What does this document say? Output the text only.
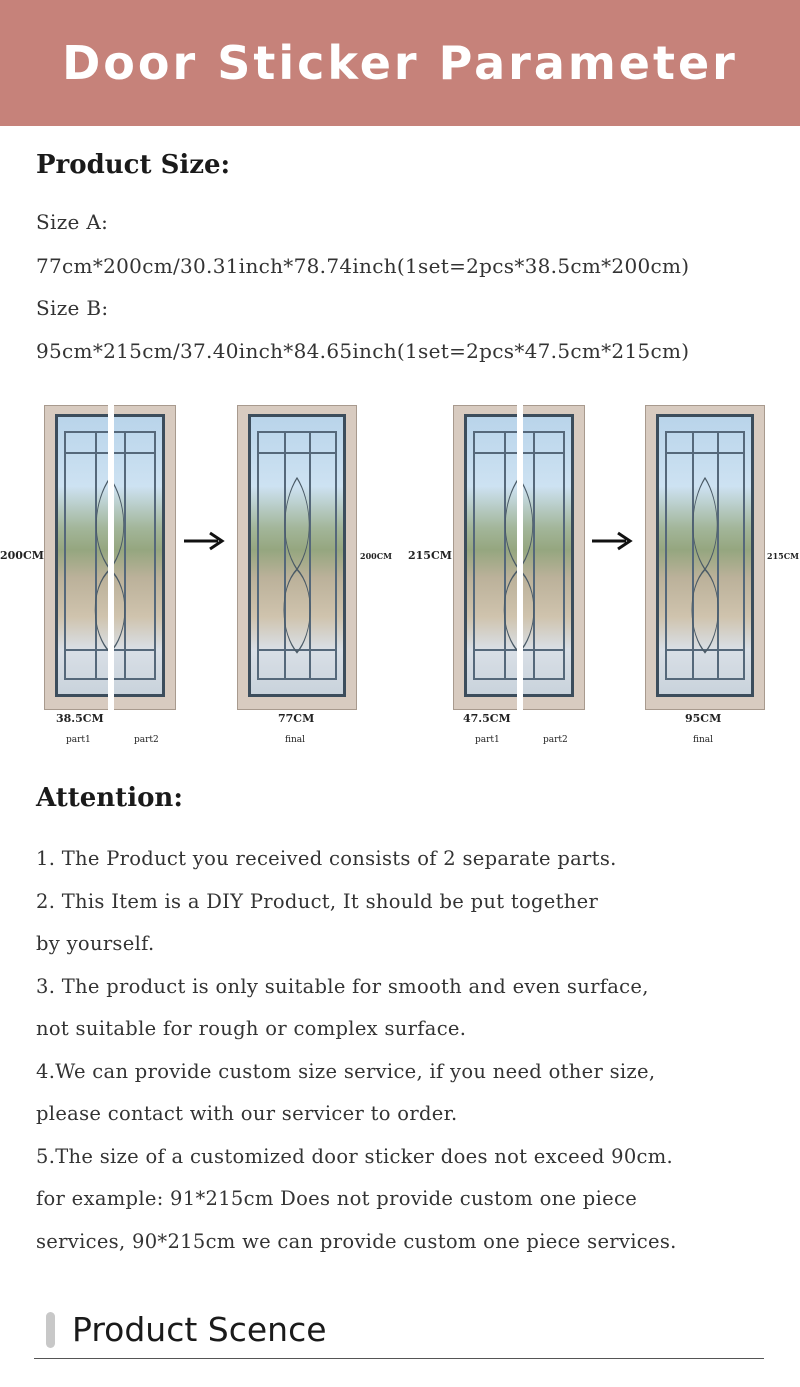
Door Sticker Parameter
Product Size:
Size A:
77cm*200cm/30.31inch*78.74inch(1set=2pcs*38.5cm*200cm)
Size B:
95cm*215cm/37.40inch*84.65inch(1set=2pcs*47.5cm*215cm)
200CM
38.5CM
part1	part2
200CM
77CM
final
215CM
47.5CM
part1	part2
215CM
95CM
final
Attention:
1. The Product you received consists of 2 separate parts.
2. This Item is a DIY Product, It should be put together
by yourself.
3. The product is only suitable for smooth and even surface,
not suitable for rough or complex surface.
4.We can provide custom size service, if you need other size,
please contact with our servicer to order.
5.The size of a customized door sticker does not exceed 90cm.
for example: 91*215cm Does not provide custom one piece
services, 90*215cm we can provide custom one piece services.
Product Scence
